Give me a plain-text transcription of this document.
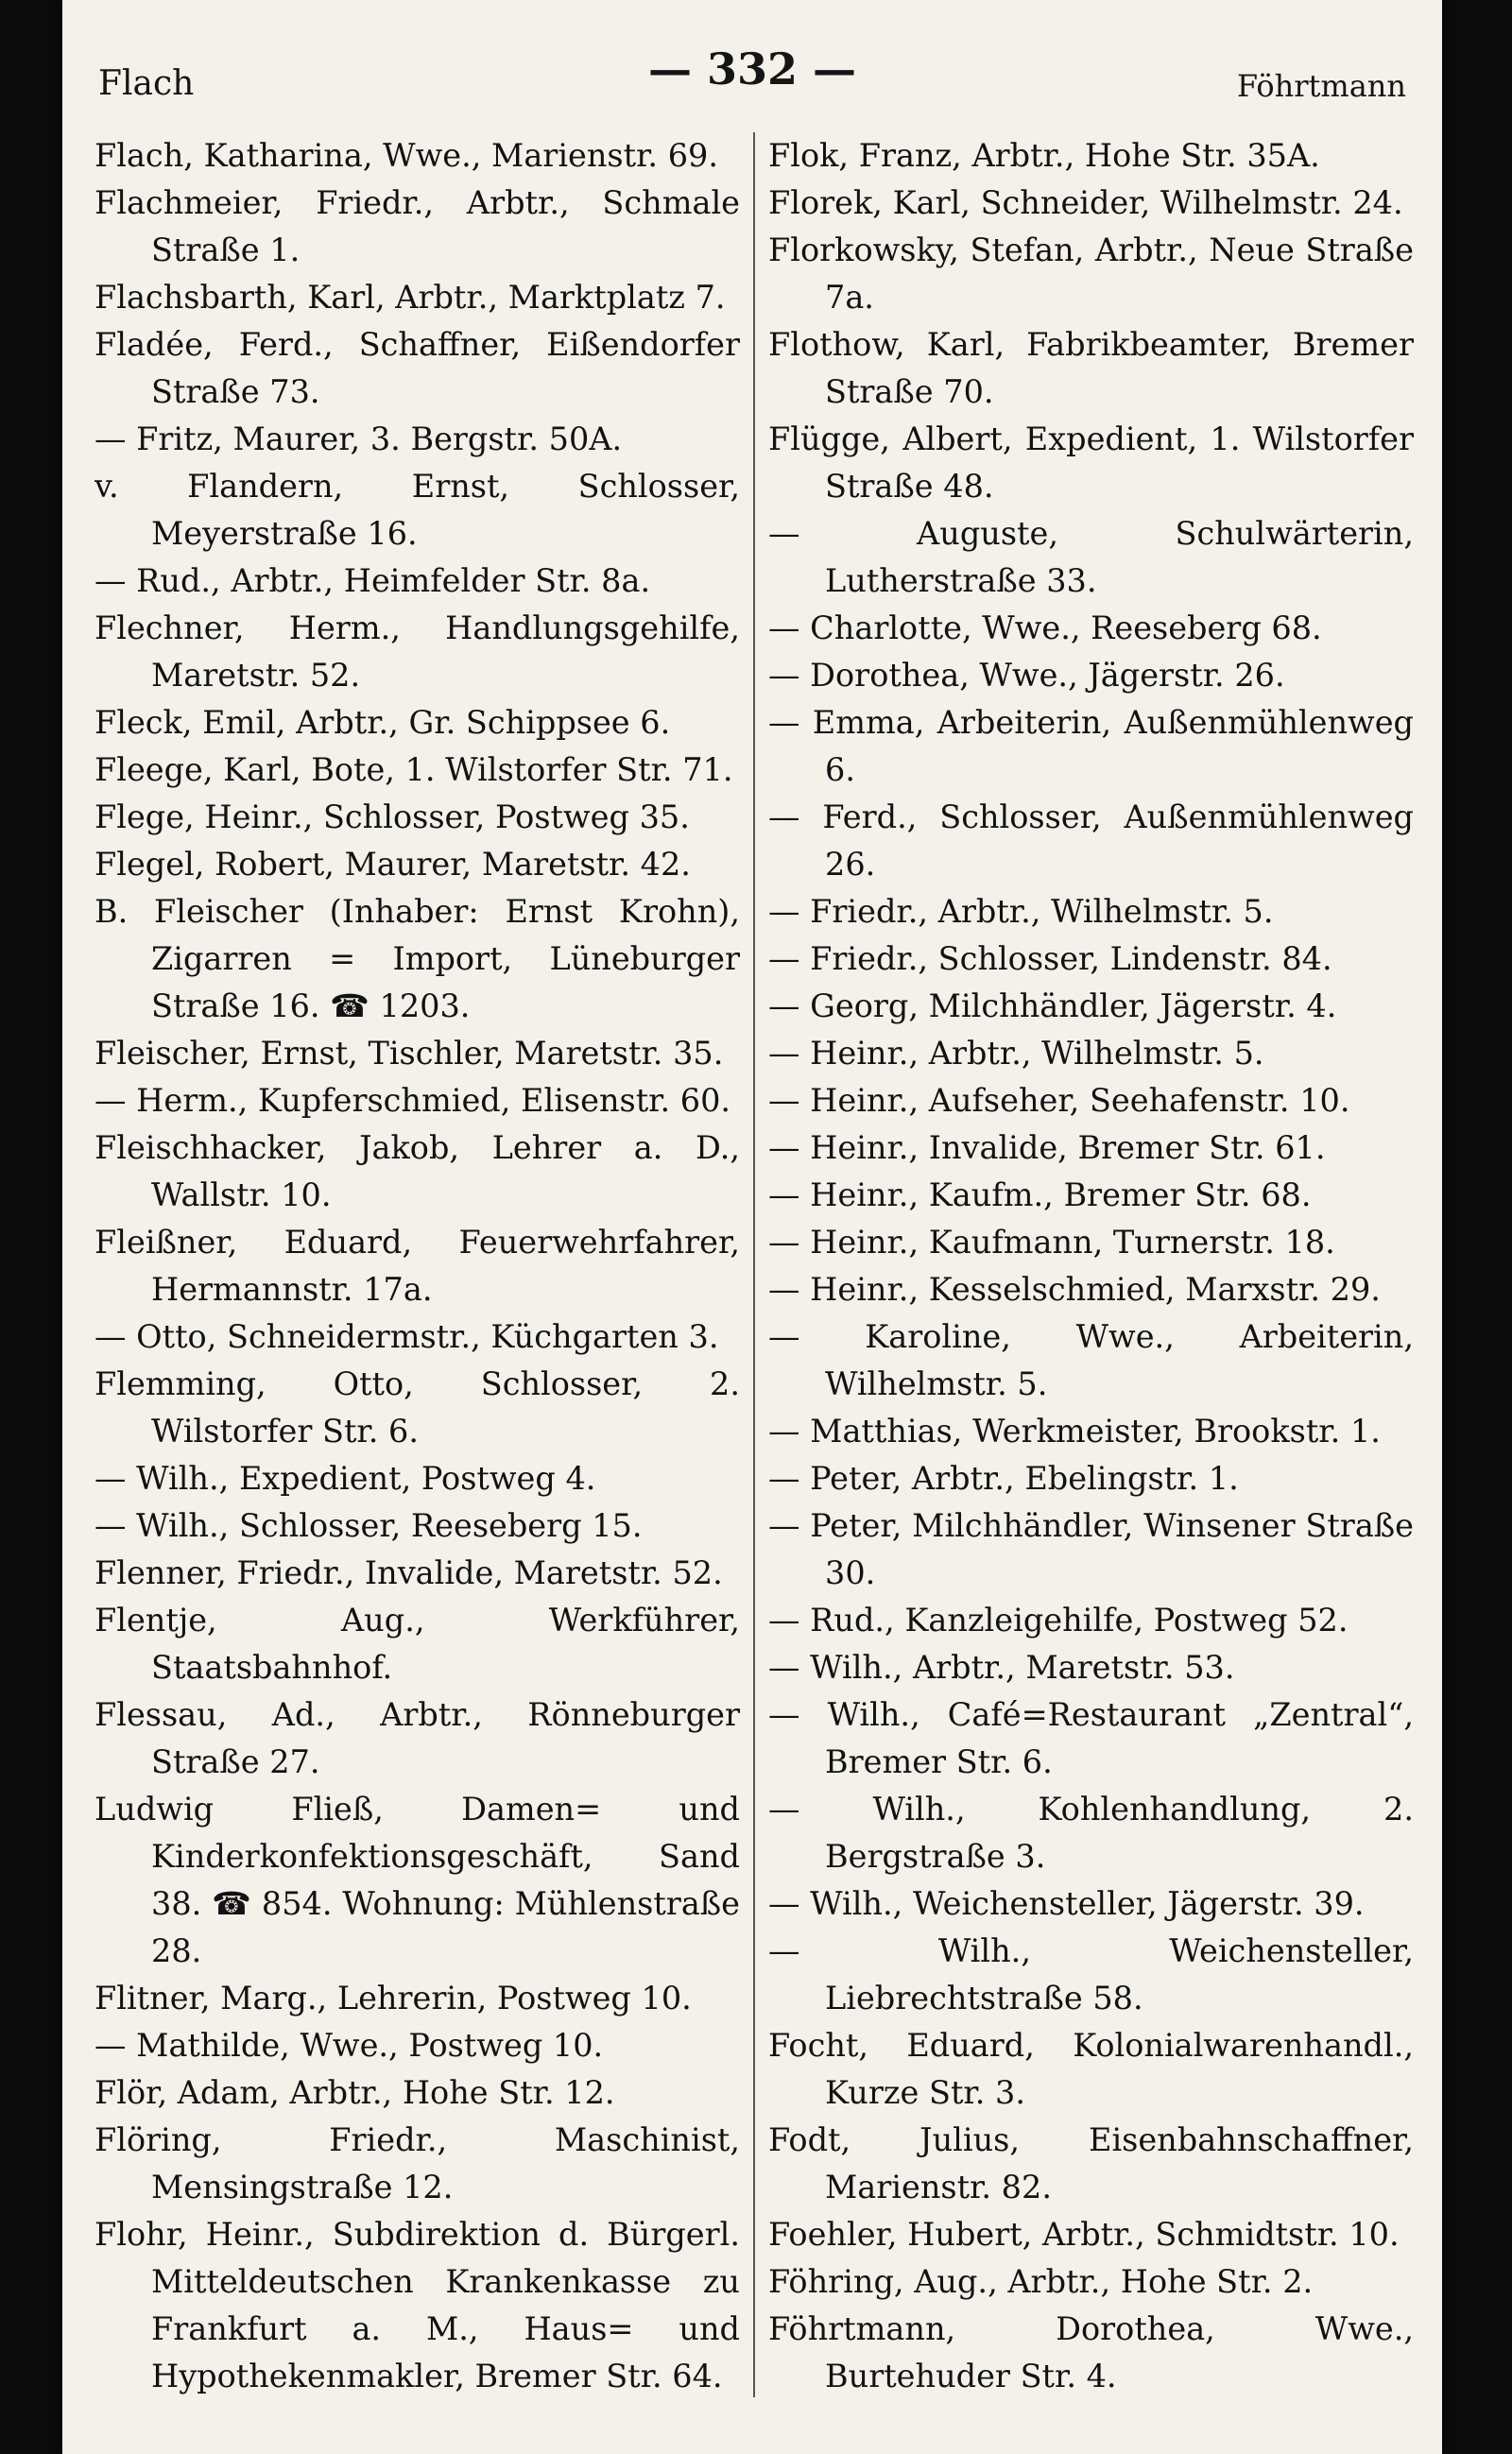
Flach	— 332 —	Föhrtmann
Flach, Katharina, Wwe., Marienstr. 69.
Flachmeier, Friedr., Arbtr., Schmale Straße 1.
Flachsbarth, Karl, Arbtr., Marktplatz 7.
Fladée, Ferd., Schaffner, Eißendorfer Straße 73.
— Fritz, Maurer, 3. Bergstr. 50A.
v. Flandern, Ernst, Schlosser, Meyerstraße 16.
— Rud., Arbtr., Heimfelder Str. 8a.
Flechner, Herm., Handlungsgehilfe, Maretstr. 52.
Fleck, Emil, Arbtr., Gr. Schippsee 6.
Fleege, Karl, Bote, 1. Wilstorfer Str. 71.
Flege, Heinr., Schlosser, Postweg 35.
Flegel, Robert, Maurer, Maretstr. 42.
B. Fleischer (Inhaber: Ernst Krohn), Zigarren = Import, Lüneburger Straße 16. ☎ 1203.
Fleischer, Ernst, Tischler, Maretstr. 35.
— Herm., Kupferschmied, Elisenstr. 60.
Fleischhacker, Jakob, Lehrer a. D., Wallstr. 10.
Fleißner, Eduard, Feuerwehrfahrer, Hermannstr. 17a.
— Otto, Schneidermstr., Küchgarten 3.
Flemming, Otto, Schlosser, 2. Wilstorfer Str. 6.
— Wilh., Expedient, Postweg 4.
— Wilh., Schlosser, Reeseberg 15.
Flenner, Friedr., Invalide, Maretstr. 52.
Flentje, Aug., Werkführer, Staatsbahnhof.
Flessau, Ad., Arbtr., Rönneburger Straße 27.
Ludwig Fließ, Damen= und Kinderkonfektionsgeschäft, Sand 38. ☎ 854. Wohnung: Mühlenstraße 28.
Flitner, Marg., Lehrerin, Postweg 10.
— Mathilde, Wwe., Postweg 10.
Flör, Adam, Arbtr., Hohe Str. 12.
Flöring, Friedr., Maschinist, Mensingstraße 12.
Flohr, Heinr., Subdirektion d. Bürgerl. Mitteldeutschen Krankenkasse zu Frankfurt a. M., Haus= und Hypothekenmakler, Bremer Str. 64.
Flok, Franz, Arbtr., Hohe Str. 35A.
Florek, Karl, Schneider, Wilhelmstr. 24.
Florkowsky, Stefan, Arbtr., Neue Straße 7a.
Flothow, Karl, Fabrikbeamter, Bremer Straße 70.
Flügge, Albert, Expedient, 1. Wilstorfer Straße 48.
— Auguste, Schulwärterin, Lutherstraße 33.
— Charlotte, Wwe., Reeseberg 68.
— Dorothea, Wwe., Jägerstr. 26.
— Emma, Arbeiterin, Außenmühlenweg 6.
— Ferd., Schlosser, Außenmühlenweg 26.
— Friedr., Arbtr., Wilhelmstr. 5.
— Friedr., Schlosser, Lindenstr. 84.
— Georg, Milchhändler, Jägerstr. 4.
— Heinr., Arbtr., Wilhelmstr. 5.
— Heinr., Aufseher, Seehafenstr. 10.
— Heinr., Invalide, Bremer Str. 61.
— Heinr., Kaufm., Bremer Str. 68.
— Heinr., Kaufmann, Turnerstr. 18.
— Heinr., Kesselschmied, Marxstr. 29.
— Karoline, Wwe., Arbeiterin, Wilhelmstr. 5.
— Matthias, Werkmeister, Brookstr. 1.
— Peter, Arbtr., Ebelingstr. 1.
— Peter, Milchhändler, Winsener Straße 30.
— Rud., Kanzleigehilfe, Postweg 52.
— Wilh., Arbtr., Maretstr. 53.
— Wilh., Café=Restaurant „Zentral“, Bremer Str. 6.
— Wilh., Kohlenhandlung, 2. Bergstraße 3.
— Wilh., Weichensteller, Jägerstr. 39.
— Wilh., Weichensteller, Liebrechtstraße 58.
Focht, Eduard, Kolonialwarenhandl., Kurze Str. 3.
Fodt, Julius, Eisenbahnschaffner, Marienstr. 82.
Foehler, Hubert, Arbtr., Schmidtstr. 10.
Föhring, Aug., Arbtr., Hohe Str. 2.
Föhrtmann, Dorothea, Wwe., Burtehuder Str. 4.
